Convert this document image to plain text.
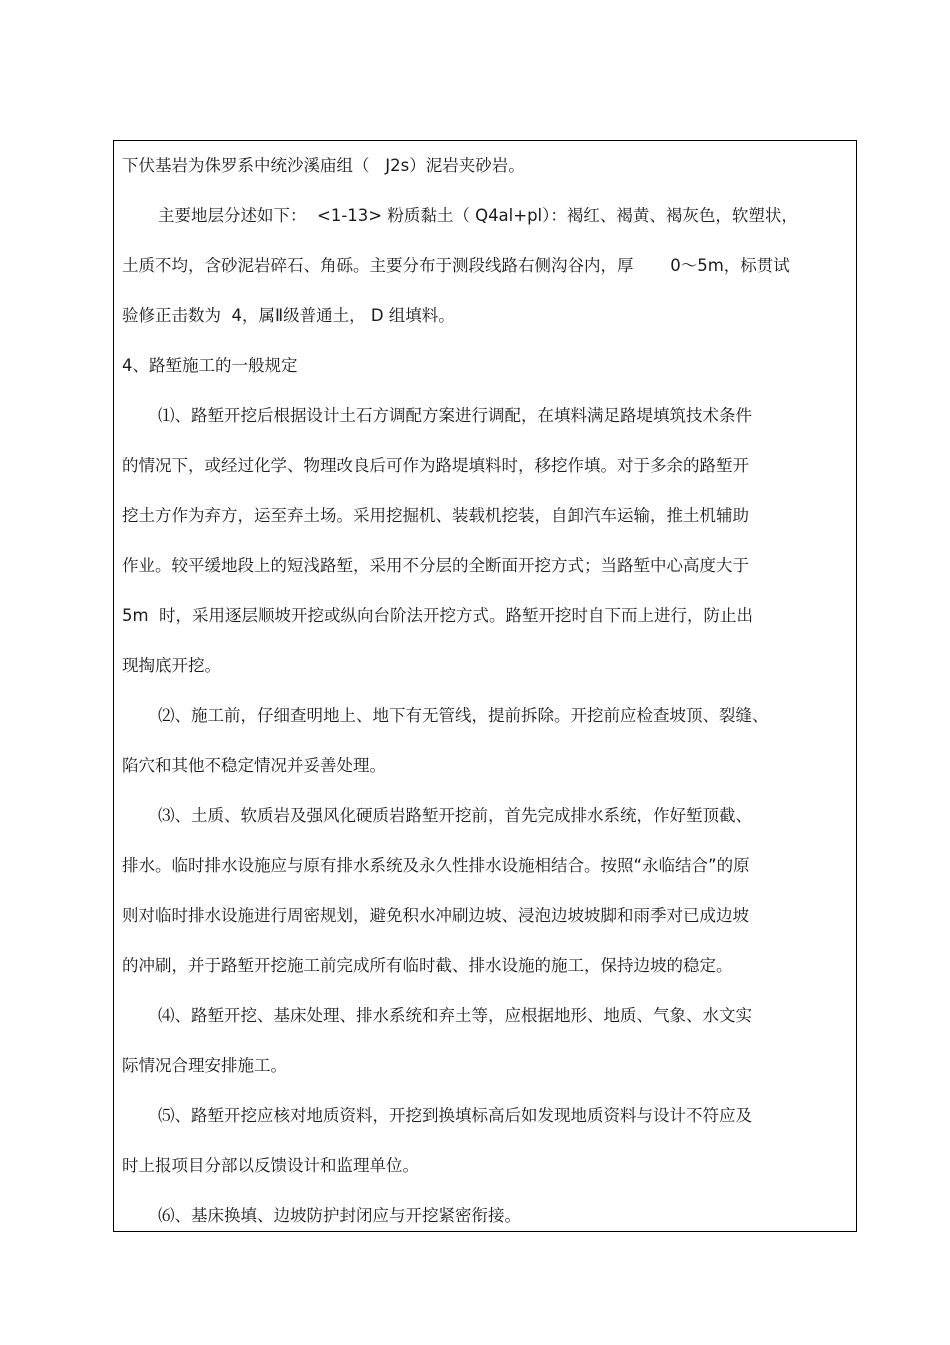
下伏基岩为侏罗系中统沙溪庙组（   J2s）泥岩夹砂岩。
主要地层分述如下：  <1-13> 粉质黏土（ Q4al+pl）：褐红、褐黄、褐灰色，软塑状，
土质不均，含砂泥岩碎石、角砾。主要分布于测段线路右侧沟谷内，厚       0～5m，标贯试
验修正击数为  4，属Ⅱ级普通土， D 组填料。
4、路堑施工的一般规定
⑴、路堑开挖后根据设计土石方调配方案进行调配，在填料满足路堤填筑技术条件
的情况下，或经过化学、物理改良后可作为路堤填料时，移挖作填。对于多余的路堑开
挖土方作为弃方，运至弃土场。采用挖掘机、装载机挖装，自卸汽车运输，推土机辅助
作业。较平缓地段上的短浅路堑，采用不分层的全断面开挖方式；当路堑中心高度大于
5m  时，采用逐层顺坡开挖或纵向台阶法开挖方式。路堑开挖时自下而上进行，防止出
现掏底开挖。
⑵、施工前，仔细查明地上、地下有无管线，提前拆除。开挖前应检查坡顶、裂缝、
陷穴和其他不稳定情况并妥善处理。
⑶、土质、软质岩及强风化硬质岩路堑开挖前，首先完成排水系统，作好堑顶截、
排水。临时排水设施应与原有排水系统及永久性排水设施相结合。按照“永临结合”的原
则对临时排水设施进行周密规划，避免积水冲刷边坡、浸泡边坡坡脚和雨季对已成边坡
的冲刷，并于路堑开挖施工前完成所有临时截、排水设施的施工，保持边坡的稳定。
⑷、路堑开挖、基床处理、排水系统和弃土等，应根据地形、地质、气象、水文实
际情况合理安排施工。
⑸、路堑开挖应核对地质资料，开挖到换填标高后如发现地质资料与设计不符应及
时上报项目分部以反馈设计和监理单位。
⑹、基床换填、边坡防护封闭应与开挖紧密衔接。
